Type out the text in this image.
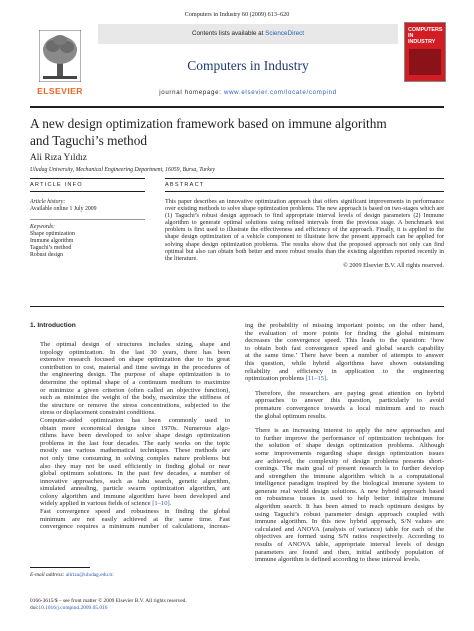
Computers in Industry 60 (2009) 613–620
ELSEVIER
Contents lists available at ScienceDirect
Computers in Industry
journal homepage: www.elsevier.com/locate/compind
COMPUTERS IN INDUSTRY
A new design optimization framework based on immune algorithm
and Taguchi’s method
Ali Rıza Yıldız
Uludag University, Mechanical Engineering Department, 16059, Bursa, Turkey
ARTICLE INFO	ABSTRACT
Article history:
Available online 1 July 2009
Keywords:
Shape optimization
Immune algorithm
Taguchi’s method
Robust design
This paper describes an innovative optimization approach that offers significant improvements in performance over existing methods to solve shape optimization problems. The new approach is based on two-stages which are (1) Taguchi’s robust design approach to find appropriate interval levels of design parameters (2) Immune algorithm to generate optimal solutions using refined intervals from the previous stage. A benchmark test problem is first used to illustrate the effectiveness and efficiency of the approach. Finally, it is applied to the shape design optimization of a vehicle component to illustrate how the present approach can be applied for solving shape design optimization problems. The results show that the proposed approach not only can find optimal but also can obtain both better and more robust results than the existing algorithm reported recently in the literature.
© 2009 Elsevier B.V. All rights reserved.
1. Introduction

The optimal design of structures includes sizing, shape and
topology optimization. In the last 30 years, there has been
extensive research focused on shape optimization due to its great
contribution to cost, material and time savings in the procedures of
the engineering design. The purpose of shape optimization is to
determine the optimal shape of a continuum medium to maximize
or minimize a given criterion (often called an objective function),
such as minimize the weight of the body, maximize the stiffness of
the structure or remove the stress concentrations, subjected to the
stress or displacement constraint conditions.

Computer-aided optimization has been commonly used to
obtain more economical designs since 1970s. Numerous algo-
rithms have been developed to solve shape design optimization
problems in the last four decades. The early works on the topic
mostly use various mathematical techniques. These methods are
not only time consuming in solving complex nature problems but
also they may not be used efficiently in finding global or near
global optimum solutions. In the past few decades, a number of
innovative approaches, such as tabu search, genetic algorithm,
simulated annealing, particle swarm optimization algorithm, ant
colony algorithm and immune algorithm have been developed and
widely applied in various fields of science [1–10].

Fast convergence speed and robustness in finding the global
minimum are not easily achieved at the same time. Fast
convergence requires a minimum number of calculations, increas-

ing the probability of missing important points; on the other hand,
the evaluation of more points for finding the global minimum
decreases the convergence speed. This leads to the question: ‘how
to obtain both fast convergence speed and global search capability
at the same time.’ There have been a number of attempts to answer
this question, while hybrid algorithms have shown outstanding
reliability and efficiency in application to the engineering
optimization problems [11–15].

Therefore, the researchers are paying great attention on hybrid
approaches to answer this question, particularly to avoid
premature convergence towards a local minimum and to reach
the global optimum results.

There is an increasing interest to apply the new approaches and
to further improve the performance of optimization techniques for
the solution of shape design optimization problems. Although
some improvements regarding shape design optimization issues
are achieved, the complexity of design problems presents short-
comings. The main goal of present research is to further develop
and strengthen the immune algorithm which is a computational
intelligence paradigm inspired by the biological immune system to
generate real world design solutions. A new hybrid approach based
on robustness issues is used to help better initialize immune
algorithm search. It has been aimed to reach optimum designs by
using Taguchi’s robust parameter design approach coupled with
immune algorithm. In this new hybrid approach, S/N values are
calculated and ANOVA (analysis of variance) table for each of the
objectives are formed using S/N ratios respectively. According to
results of ANOVA table, appropriate interval levels of design
parameters are found and then, initial antibody population of
immune algorithm is defined according to these interval levels.

E-mail address: aliriza@uludag.edu.tr.
0166-3615/$ – see front matter © 2009 Elsevier B.V. All rights reserved.
doi:10.1016/j.compind.2009.05.016
